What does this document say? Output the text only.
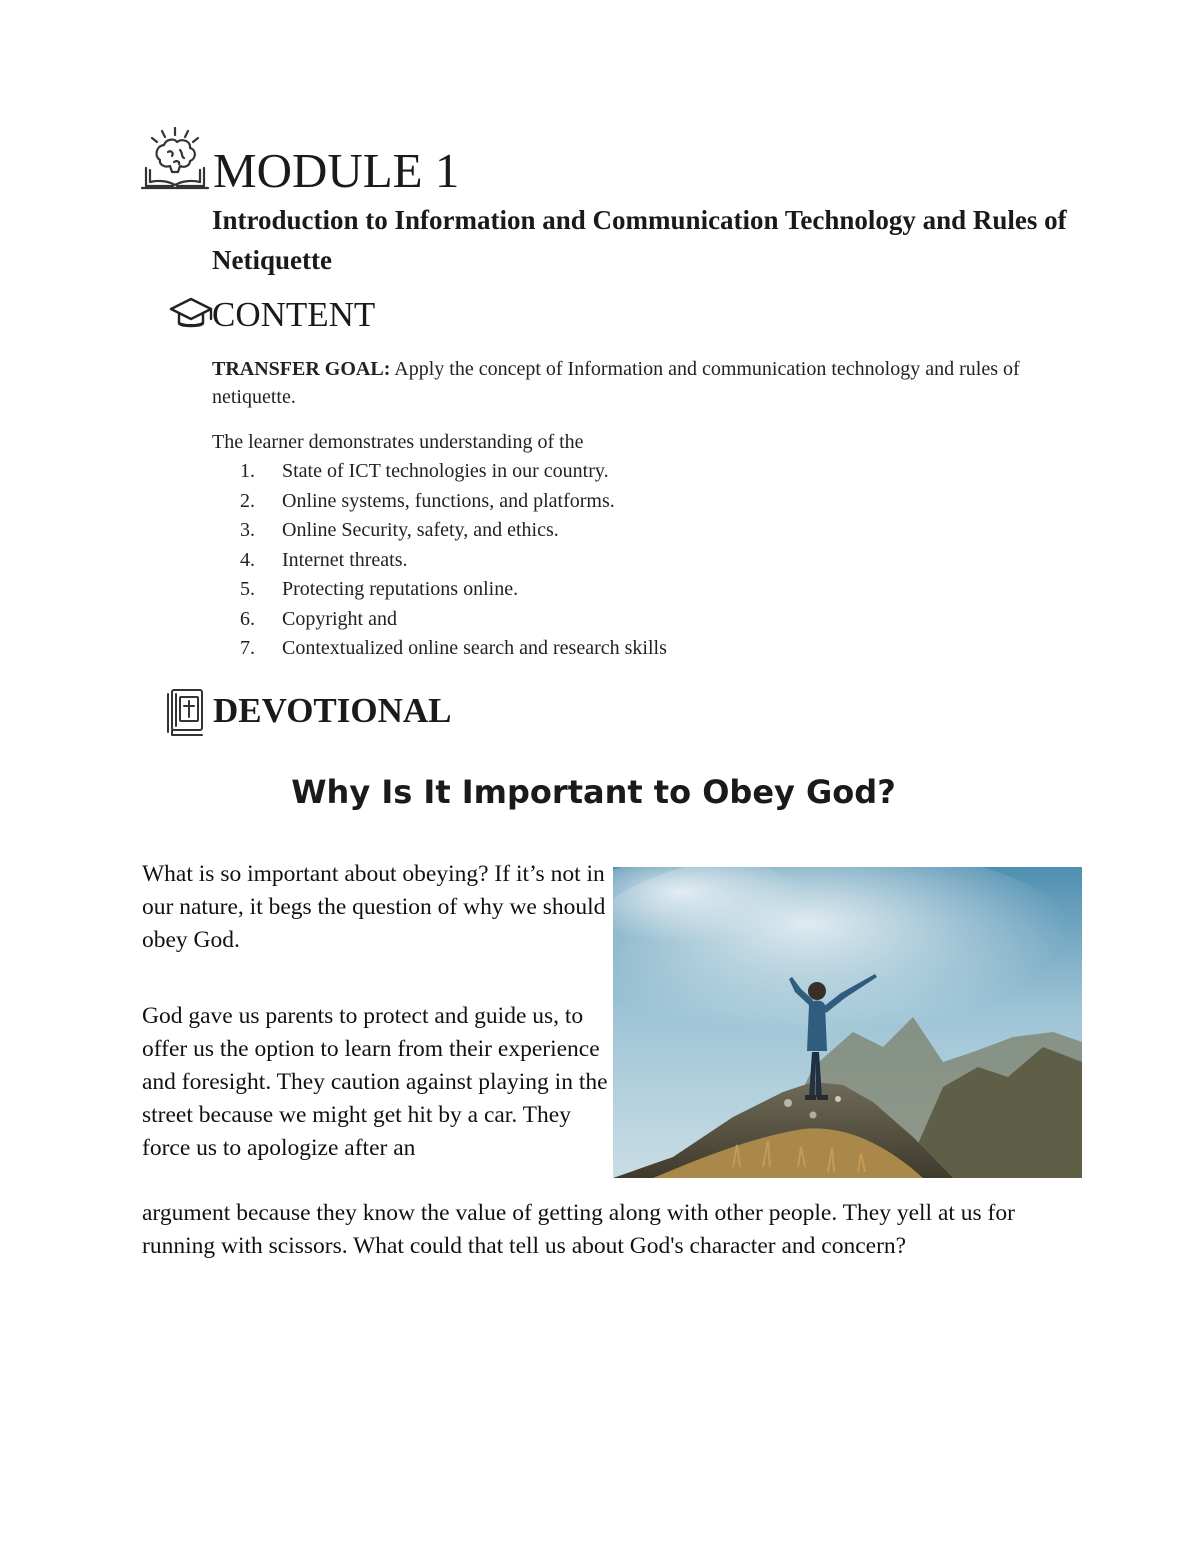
MODULE 1
Introduction to Information and Communication Technology and Rules of Netiquette
CONTENT
TRANSFER GOAL: Apply the concept of Information and communication technology and rules of netiquette.
The learner demonstrates understanding of the
1. State of ICT technologies in our country.
2. Online systems, functions, and platforms.
3. Online Security, safety, and ethics.
4. Internet threats.
5. Protecting reputations online.
6. Copyright and
7. Contextualized online search and research skills
DEVOTIONAL
Why Is It Important to Obey God?

What is so important about obeying? If it’s not in our nature, it begs the question of why we should obey God.

God gave us parents to protect and guide us, to offer us the option to learn from their experience and foresight. They caution against playing in the street because we might get hit by a car. They force us to apologize after an

argument because they know the value of getting along with other people. They yell at us for running with scissors. What could that tell us about God's character and concern?
